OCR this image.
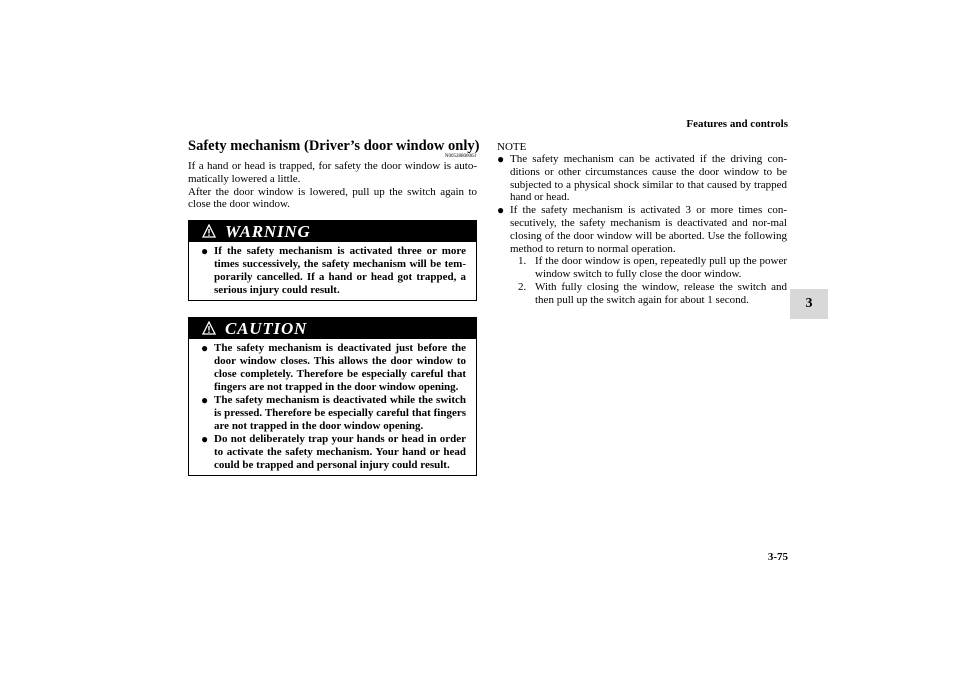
Features and controls
3
3-75
Safety mechanism (Driver’s door window only)
N00528800063

If a hand or head is trapped, for safety the door window is auto-matically lowered a little.

After the door window is lowered, pull up the switch again to close the door window.

WARNING
● If the safety mechanism is activated three or more times successively, the safety mechanism will be tem-porarily cancelled. If a hand or head got trapped, a serious injury could result.
CAUTION
● The safety mechanism is deactivated just before the door window closes. This allows the door window to close completely. Therefore be especially careful that fingers are not trapped in the door window opening.
● The safety mechanism is deactivated while the switch is pressed. Therefore be especially careful that fingers are not trapped in the door window opening.
● Do not deliberately trap your hands or head in order to activate the safety mechanism. Your hand or head could be trapped and personal injury could result.
NOTE
● The safety mechanism can be activated if the driving con-ditions or other circumstances cause the door window to be subjected to a physical shock similar to that caused by trapped hand or head.
● If the safety mechanism is activated 3 or more times con-secutively, the safety mechanism is deactivated and nor-mal closing of the door window will be aborted. Use the following method to return to normal operation.
1. If the door window is open, repeatedly pull up the power window switch to fully close the door window.
2. With fully closing the window, release the switch and then pull up the switch again for about 1 second.
